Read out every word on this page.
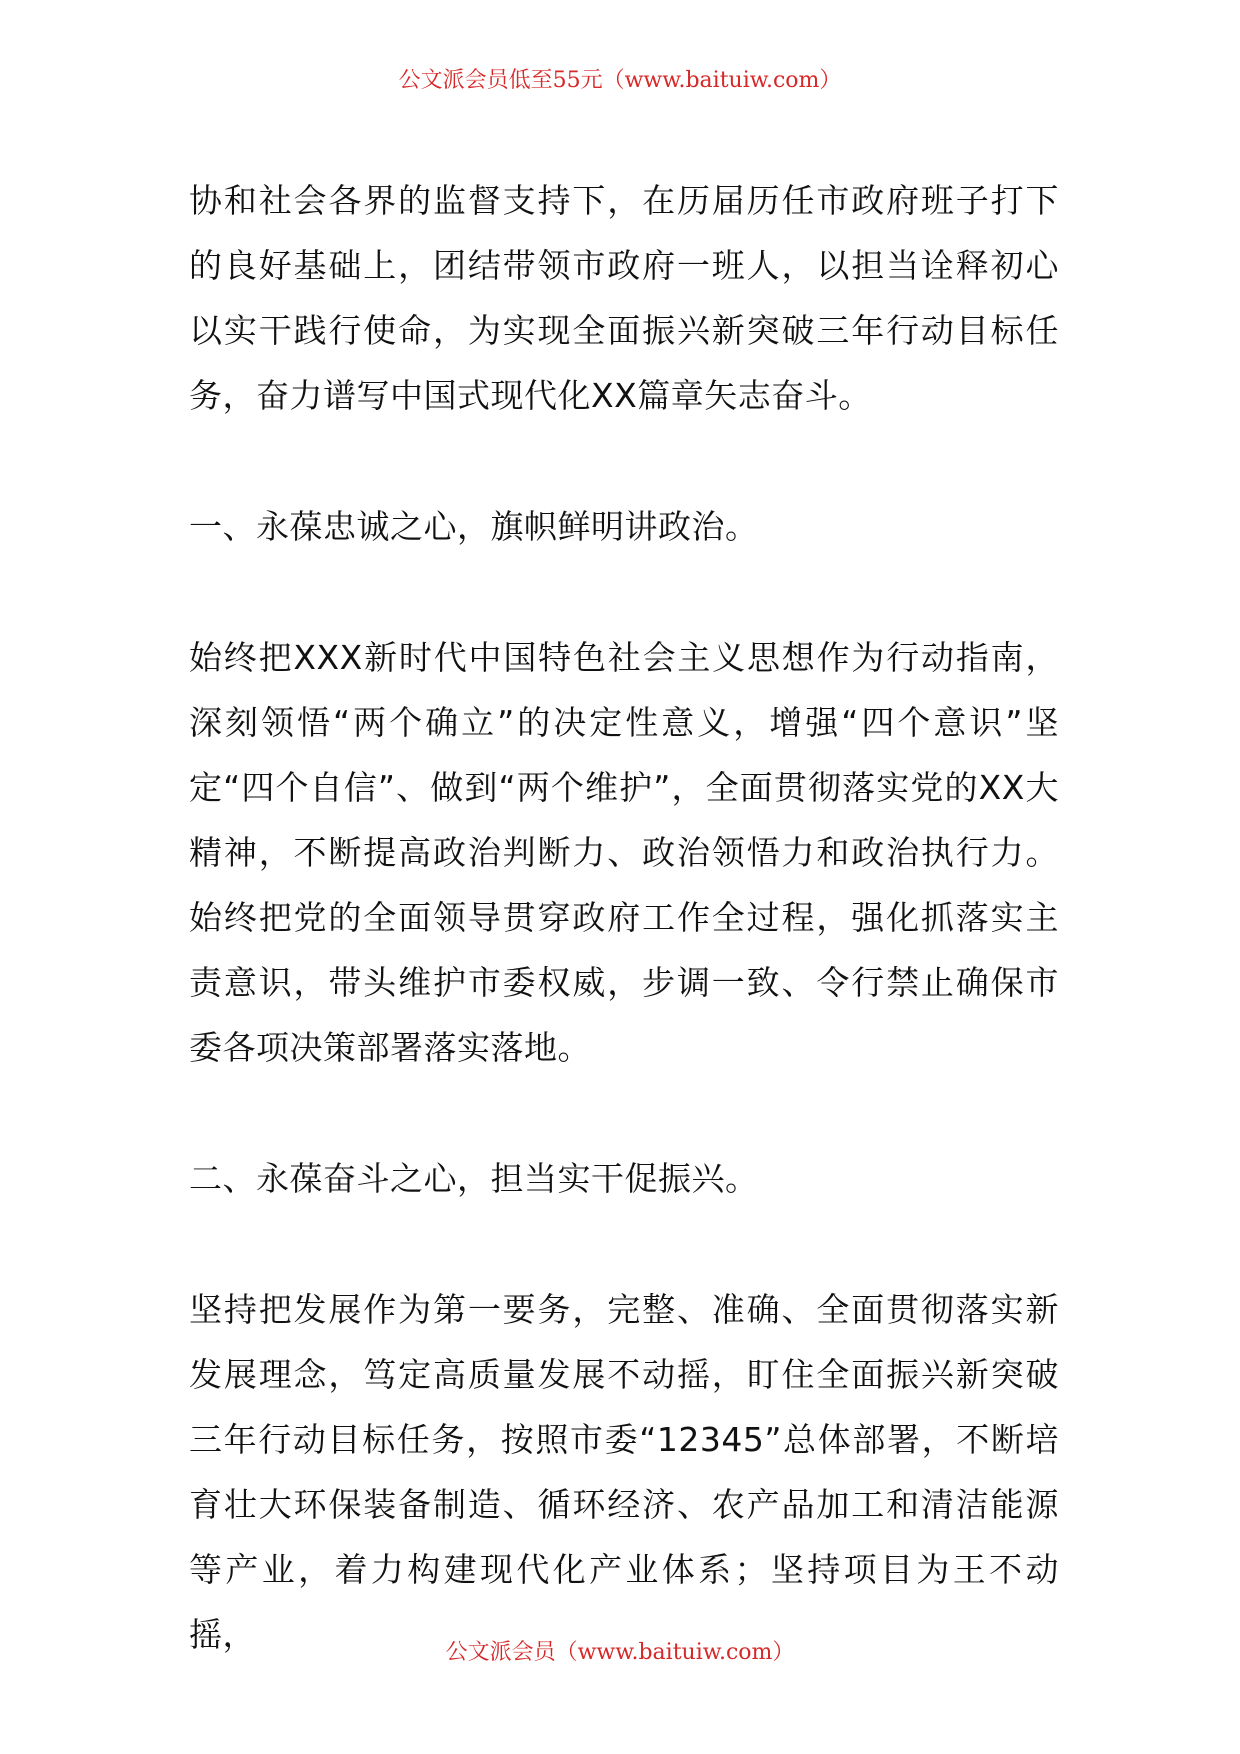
公文派会员低至55元（www.baituiw.com）

协和社会各界的监督支持下，在历届历任市政府班子打下的良好基础上，团结带领市政府一班人，以担当诠释初心以实干践行使命，为实现全面振兴新突破三年行动目标任务，奋力谱写中国式现代化XX篇章矢志奋斗。

一、永葆忠诚之心，旗帜鲜明讲政治。

始终把XXX新时代中国特色社会主义思想作为行动指南，深刻领悟“两个确立”的决定性意义，增强“四个意识”坚定“四个自信”、做到“两个维护”，全面贯彻落实党的XX大精神，不断提高政治判断力、政治领悟力和政治执行力。始终把党的全面领导贯穿政府工作全过程，强化抓落实主责意识，带头维护市委权威，步调一致、令行禁止确保市委各项决策部署落实落地。

二、永葆奋斗之心，担当实干促振兴。

坚持把发展作为第一要务，完整、准确、全面贯彻落实新发展理念，笃定高质量发展不动摇，盯住全面振兴新突破三年行动目标任务，按照市委“12345”总体部署，不断培育壮大环保装备制造、循环经济、农产品加工和清洁能源等产业，着力构建现代化产业体系；坚持项目为王不动摇，	公文派会员（www.baituiw.com）
